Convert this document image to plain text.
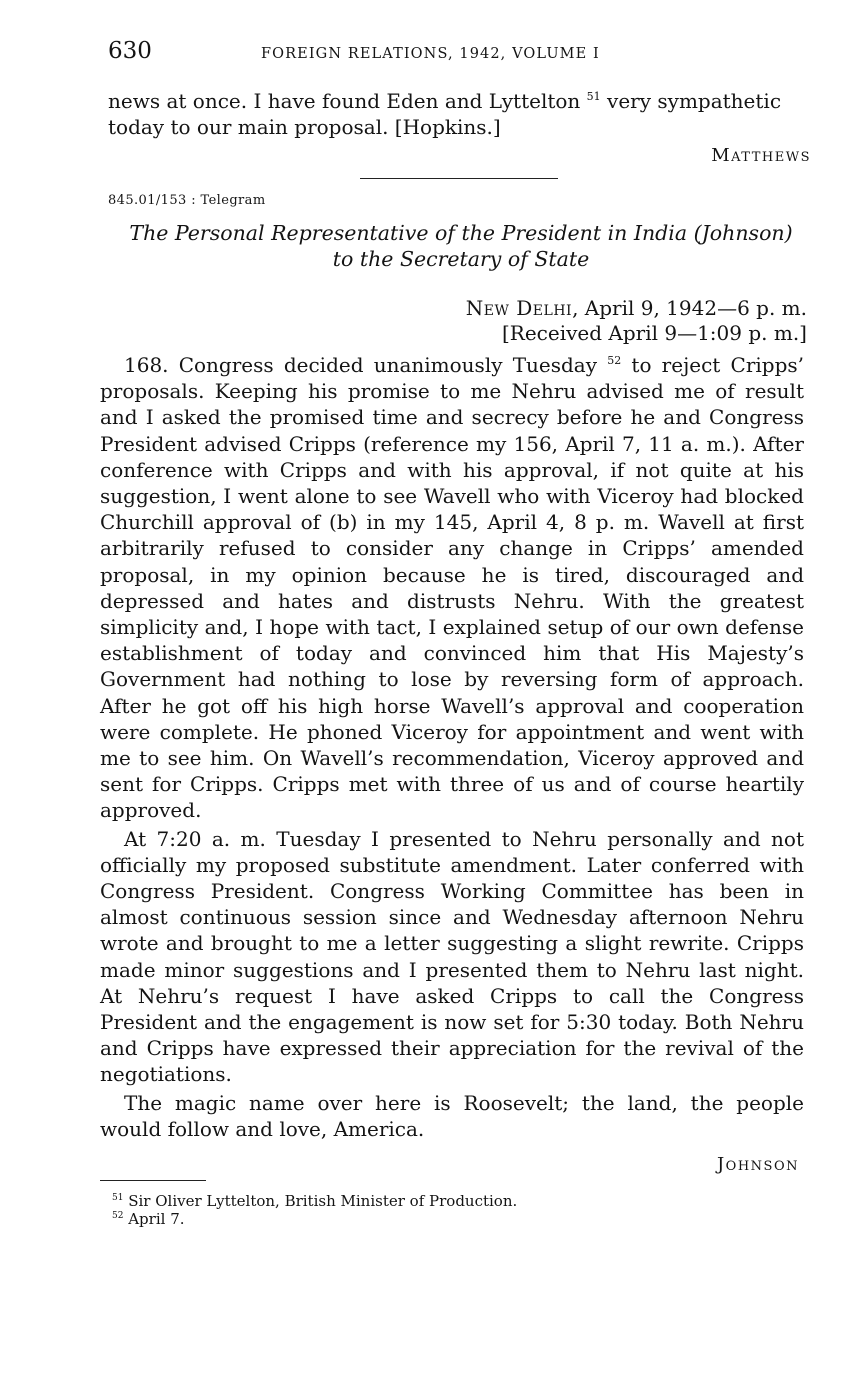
630	FOREIGN RELATIONS, 1942, VOLUME I

news at once. I have found Eden and Lyttelton $^{51}$ very sympathetic

today to our main proposal. [Hopkins.]

Matthews
845.01/153 : Telegram
The Personal Representative of the President in India (Johnson)
to the Secretary of State
New Delhi, April 9, 1942—6 p. m.
[Received April 9—1:09 p. m.]

168. Congress decided unanimously Tuesday $^{52}$ to reject Cripps’ proposals. Keeping his promise to me Nehru advised me of result and I asked the promised time and secrecy before he and Congress President advised Cripps (reference my 156, April 7, 11 a. m.). After conference with Cripps and with his approval, if not quite at his suggestion, I went alone to see Wavell who with Viceroy had blocked Churchill approval of (b) in my 145, April 4, 8 p. m. Wavell at first arbitrarily refused to consider any change in Cripps’ amended proposal, in my opinion because he is tired, discouraged and depressed and hates and distrusts Nehru. With the greatest simplicity and, I hope with tact, I explained setup of our own defense establishment of today and convinced him that His Majesty’s Government had nothing to lose by reversing form of approach. After he got off his high horse Wavell’s approval and cooperation were complete. He phoned Viceroy for appointment and went with me to see him. On Wavell’s recommendation, Viceroy approved and sent for Cripps. Cripps met with three of us and of course heartily approved.

At 7:20 a. m. Tuesday I presented to Nehru personally and not officially my proposed substitute amendment. Later conferred with Congress President. Congress Working Committee has been in almost continuous session since and Wednesday afternoon Nehru wrote and brought to me a letter suggesting a slight rewrite. Cripps made minor suggestions and I presented them to Nehru last night. At Nehru’s request I have asked Cripps to call the Congress President and the engagement is now set for 5:30 today. Both Nehru and Cripps have expressed their appreciation for the revival of the negotiations.

The magic name over here is Roosevelt; the land, the people would follow and love, America.

Johnson
$^{51}$ Sir Oliver Lyttelton, British Minister of Production.
$^{52}$ April 7.
